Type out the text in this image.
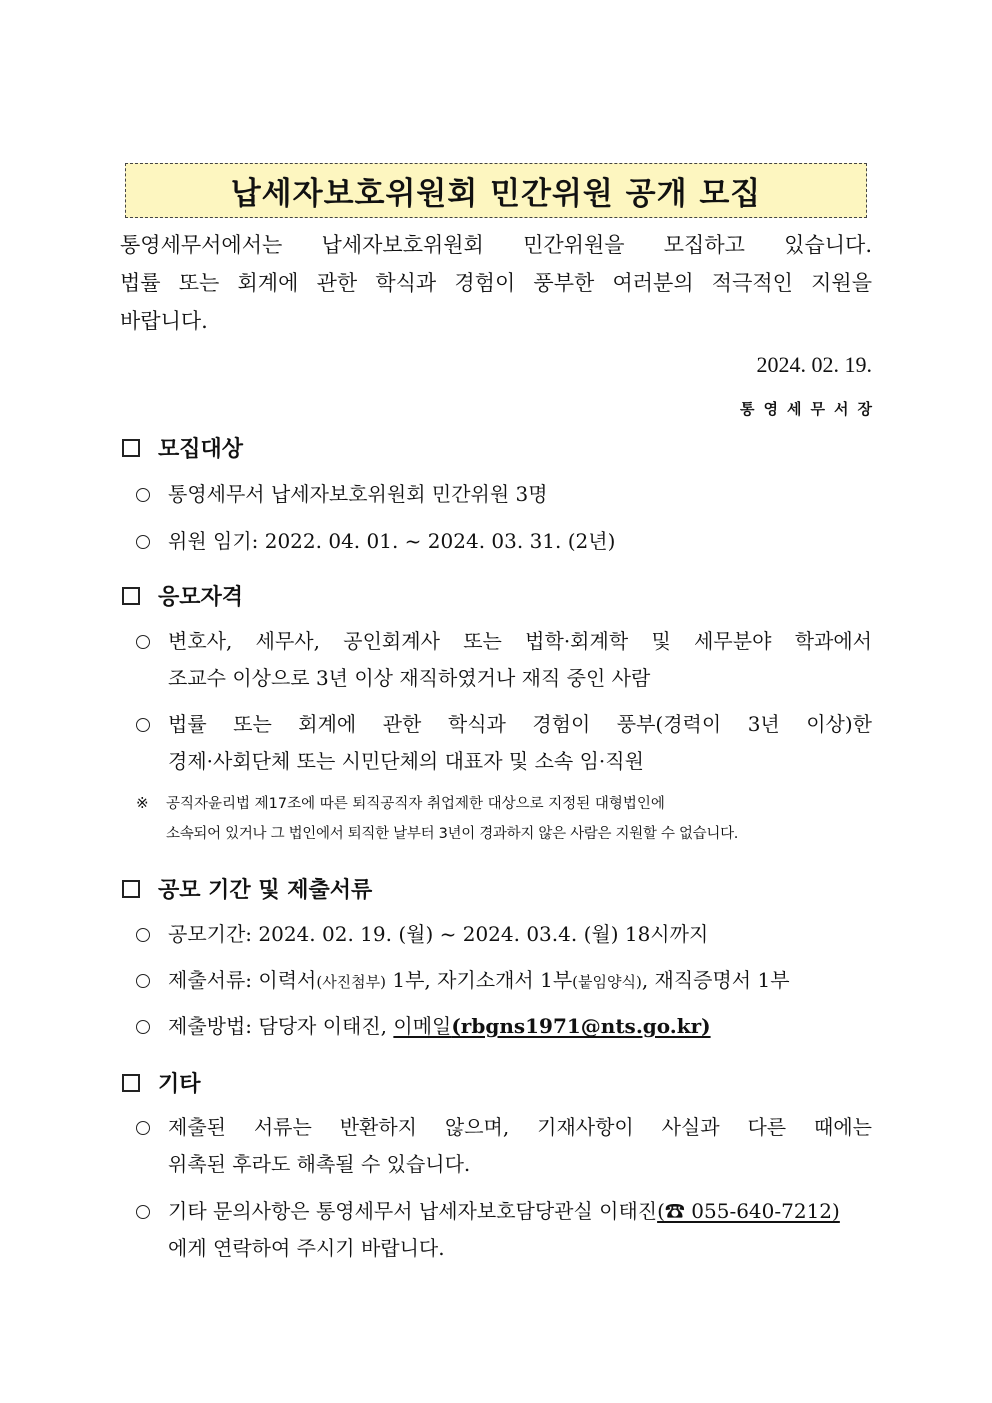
납세자보호위원회 민간위원 공개 모집
통영세무서에서는 납세자보호위원회 민간위원을 모집하고 있습니다.
법률 또는 회계에 관한 학식과 경험이 풍부한 여러분의 적극적인 지원을
바랍니다.
2024. 02. 19.
통영세무서장
모집대상
통영세무서 납세자보호위원회 민간위원 3명
위원 임기: 2022. 04. 01. ~ 2024. 03. 31. (2년)
응모자격
변호사, 세무사, 공인회계사 또는 법학·회계학 및 세무분야 학과에서
조교수 이상으로 3년 이상 재직하였거나 재직 중인 사람
법률 또는 회계에 관한 학식과 경험이 풍부(경력이 3년 이상)한
경제·사회단체 또는 시민단체의 대표자 및 소속 임·직원
※ 공직자윤리법 제17조에 따른 퇴직공직자 취업제한 대상으로 지정된 대형법인에
소속되어 있거나 그 법인에서 퇴직한 날부터 3년이 경과하지 않은 사람은 지원할 수 없습니다.
공모 기간 및 제출서류
공모기간: 2024. 02. 19. (월) ~ 2024. 03.4. (월) 18시까지
제출서류: 이력서(사진첨부) 1부, 자기소개서 1부(붙임양식), 재직증명서 1부
제출방법: 담당자 이태진, 이메일(rbgns1971@nts.go.kr)
기타
제출된 서류는 반환하지 않으며, 기재사항이 사실과 다른 때에는
위촉된 후라도 해촉될 수 있습니다.
기타 문의사항은 통영세무서 납세자보호담당관실 이태진(☎ 055-640-7212)
에게 연락하여 주시기 바랍니다.
